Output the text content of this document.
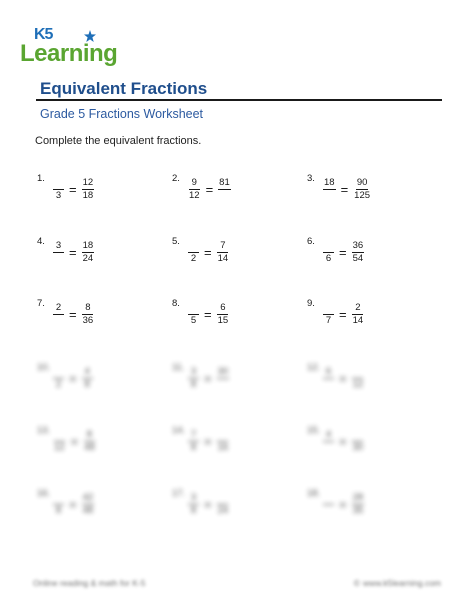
K5
Learning
Equivalent Fractions
Grade 5 Fractions Worksheet
Complete the equivalent fractions.
1.
$3 = \frac{12}{18}$	2. $\frac{9}{12} = 81$	3. $18 = \frac{90}{125}$
4.	$3 = \frac{18}{24}$	5.
$2 = \frac{7}{14}$	6.
$6 = \frac{36}{54}$
7.	$2 = \frac{8}{36}$	8.
$5 = \frac{6}{15}$	9.
$7 = \frac{2}{14}$
10.
$2 = \frac{4}{8}$	11. $\frac{3}{8} = 30$	12. 6 = 12
13.
$12 = \frac{8}{48}$	14. $\frac{7}{8} = 16$
15. 4 = 30
16.
$8 = \frac{42}{48}$	17. $\frac{3}{8} = 24$
18.
= $\frac{28}{35}$
Online reading & math for K-5	© www.k5learning.com
